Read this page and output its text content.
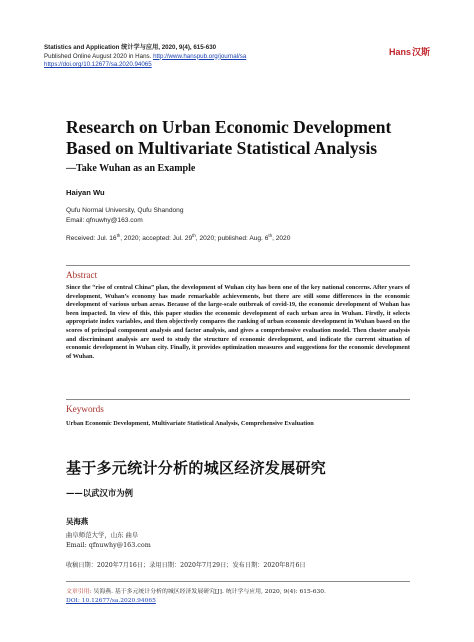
Statistics and Application 统计学与应用, 2020, 9(4), 615-630
Published Online August 2020 in Hans. http://www.hanspub.org/journal/sa
https://doi.org/10.12677/sa.2020.94065
Hans汉斯
Research on Urban Economic Development Based on Multivariate Statistical Analysis
—Take Wuhan as an Example
Haiyan Wu
Qufu Normal University, Qufu Shandong
Email: qfnuwhy@163.com
Received: Jul. 16th, 2020; accepted: Jul. 29th, 2020; published: Aug. 6th, 2020
Abstract
Since the “rise of central China” plan, the development of Wuhan city has been one of the key national concerns. After years of development, Wuhan’s economy has made remarkable achievements, but there are still some differences in the economic development of various urban areas. Because of the large-scale outbreak of covid-19, the economic development of Wuhan has been impacted. In view of this, this paper studies the economic development of each urban area in Wuhan. Firstly, it selects appropriate index variables, and then objectively compares the ranking of urban economic development in Wuhan based on the scores of principal component analysis and factor analysis, and gives a comprehensive evaluation model. Then cluster analysis and discriminant analysis are used to study the structure of economic development, and indicate the current situation of economic development in Wuhan city. Finally, it provides optimization measures and suggestions for the economic development of Wuhan.
Keywords
Urban Economic Development, Multivariate Statistical Analysis, Comprehensive Evaluation
基于多元统计分析的城区经济发展研究
——以武汉市为例
吴海燕
曲阜师范大学，山东 曲阜
Email: qfnuwhy@163.com
收稿日期：2020年7月16日；录用日期：2020年7月29日；发布日期：2020年8月6日
文章引用: 吴海燕. 基于多元统计分析的城区经济发展研究[J]. 统计学与应用, 2020, 9(4): 615-630.
DOI: 10.12677/sa.2020.94065
